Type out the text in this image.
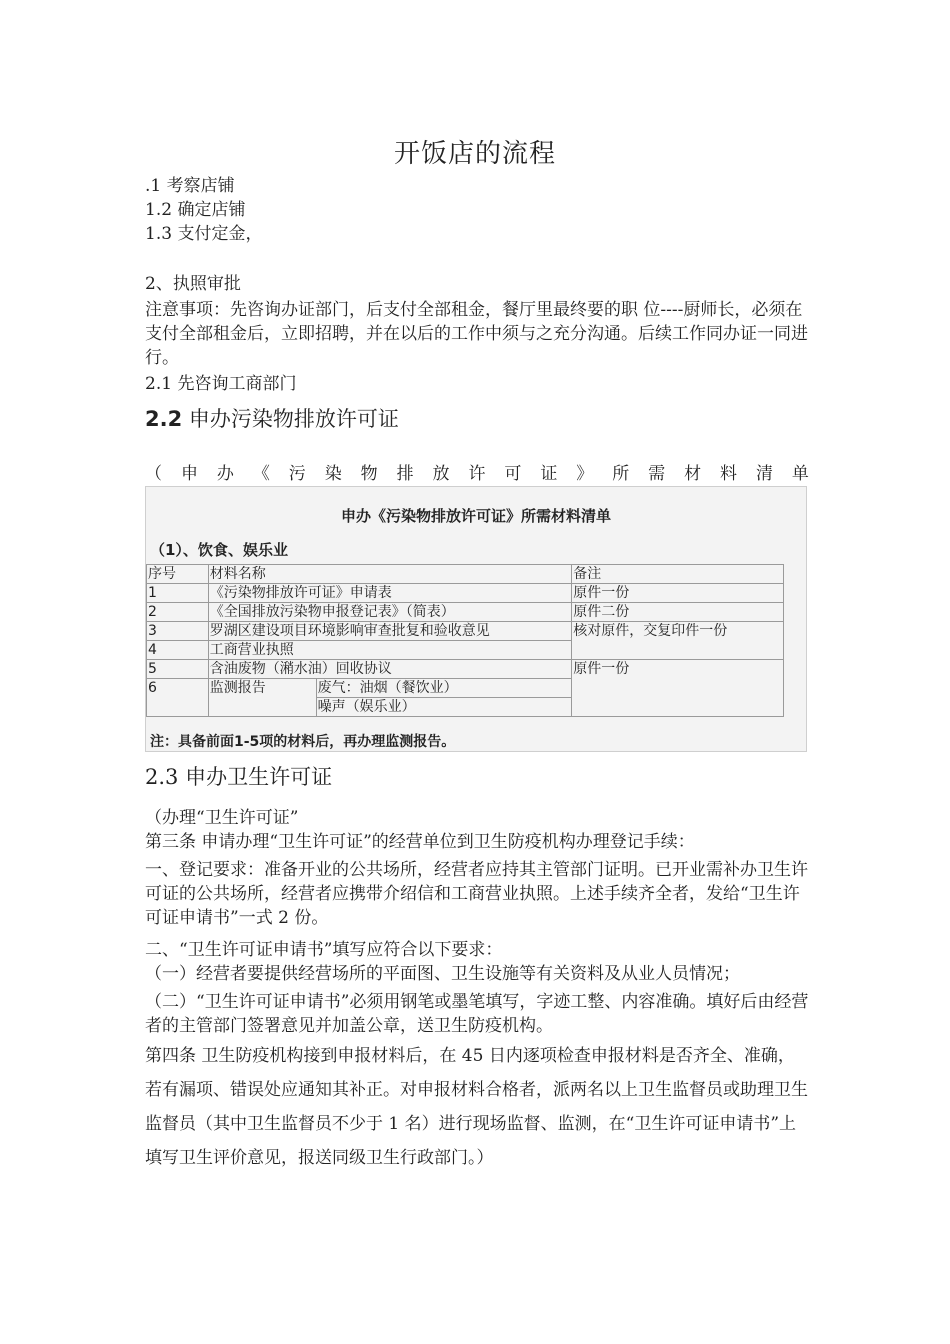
开饭店的流程
.1 考察店铺
1.2 确定店铺
1.3 支付定金，
2、执照审批
注意事项：先咨询办证部门，后支付全部租金，餐厅里最终要的职 位----厨师长，必须在支付全部租金后，立即招聘，并在以后的工作中须与之充分沟通。后续工作同办证一同进行。
2.1 先咨询工商部门
2.2 申办污染物排放许可证
（ 申 办 《 污 染 物 排 放 许 可 证 》 所 需 材 料 清 单
申办《污染物排放许可证》所需材料清单
（1）、饮食、娱乐业
序号	材料名称		备注
1	《污染物排放许可证》申请表		原件一份
2	《全国排放污染物申报登记表》（简表）		原件二份
3	罗湖区建设项目环境影响审查批复和验收意见		核对原件，交复印件一份
4	工商营业执照		
5	含油废物（潲水油）回收协议		原件一份
6	监测报告	废气：油烟（餐饮业）	
		噪声（娱乐业）	
注：具备前面1-5项的材料后，再办理监测报告。
2.3 申办卫生许可证
（办理“卫生许可证”
第三条 申请办理“卫生许可证”的经营单位到卫生防疫机构办理登记手续：
一、登记要求：准备开业的公共场所，经营者应持其主管部门证明。已开业需补办卫生许可证的公共场所，经营者应携带介绍信和工商营业执照。上述手续齐全者，发给“卫生许可证申请书”一式 2 份。
二、“卫生许可证申请书”填写应符合以下要求：
（一）经营者要提供经营场所的平面图、卫生设施等有关资料及从业人员情况；
（二）“卫生许可证申请书”必须用钢笔或墨笔填写，字迹工整、内容准确。填好后由经营者的主管部门签署意见并加盖公章，送卫生防疫机构。
第四条 卫生防疫机构接到申报材料后，在 45 日内逐项检查申报材料是否齐全、准确，若有漏项、错误处应通知其补正。对申报材料合格者，派两名以上卫生监督员或助理卫生监督员（其中卫生监督员不少于 1 名）进行现场监督、监测，在“卫生许可证申请书”上填写卫生评价意见，报送同级卫生行政部门。）
